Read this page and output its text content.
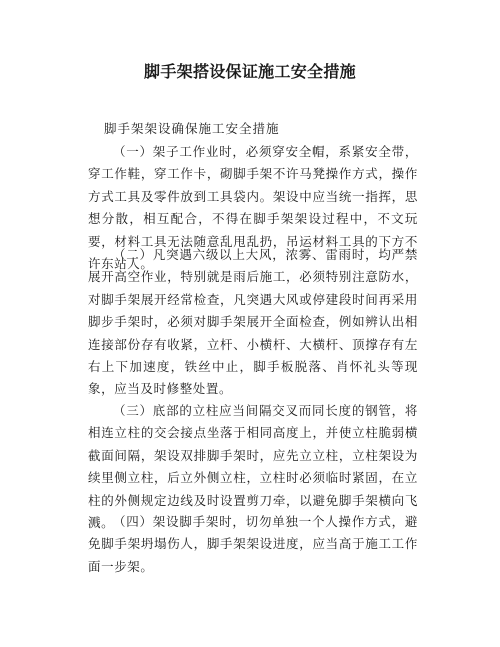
脚手架搭设保证施工安全措施
脚手架架设确保施工安全措施

（一）架子工作业时，必须穿安全帽，系紧安全带，穿工作鞋，穿工作卡，砌脚手架不许马凳操作方式，操作方式工具及零件放到工具袋内。架设中应当统一指挥，思想分散，相互配合，不得在脚手架架设过程中，不文玩要，材料工具无法随意乱甩乱扔，吊运材料工具的下方不许东站人。

（二）凡突遇六级以上大风，浓雾、雷雨时，均严禁展开高空作业，特别就是雨后施工，必须特别注意防水，对脚手架展开经常检查，凡突遇大风或停建段时间再采用脚步手架时，必须对脚手架展开全面检查，例如辨认出相连接部份存有收紧，立杆、小横杆、大横杆、顶撑存有左右上下加速度，铁丝中止，脚手板脱落、肖怀礼头等现象，应当及时修整处置。

（三）底部的立柱应当间隔交叉而同长度的钢管，将相连立柱的交会接点坐落于相同高度上，并使立柱脆弱横截面间隔，架设双排脚手架时，应先立立柱，立柱架设为续里侧立柱，后立外侧立柱，立柱时必须临时紧固，在立柱的外侧规定边线及时设置剪刀牵，以避免脚手架横向飞溅。

（四）架设脚手架时，切勿单独一个人操作方式，避免脚手架坍塌伤人，脚手架架设进度，应当高于施工工作面一步架。
